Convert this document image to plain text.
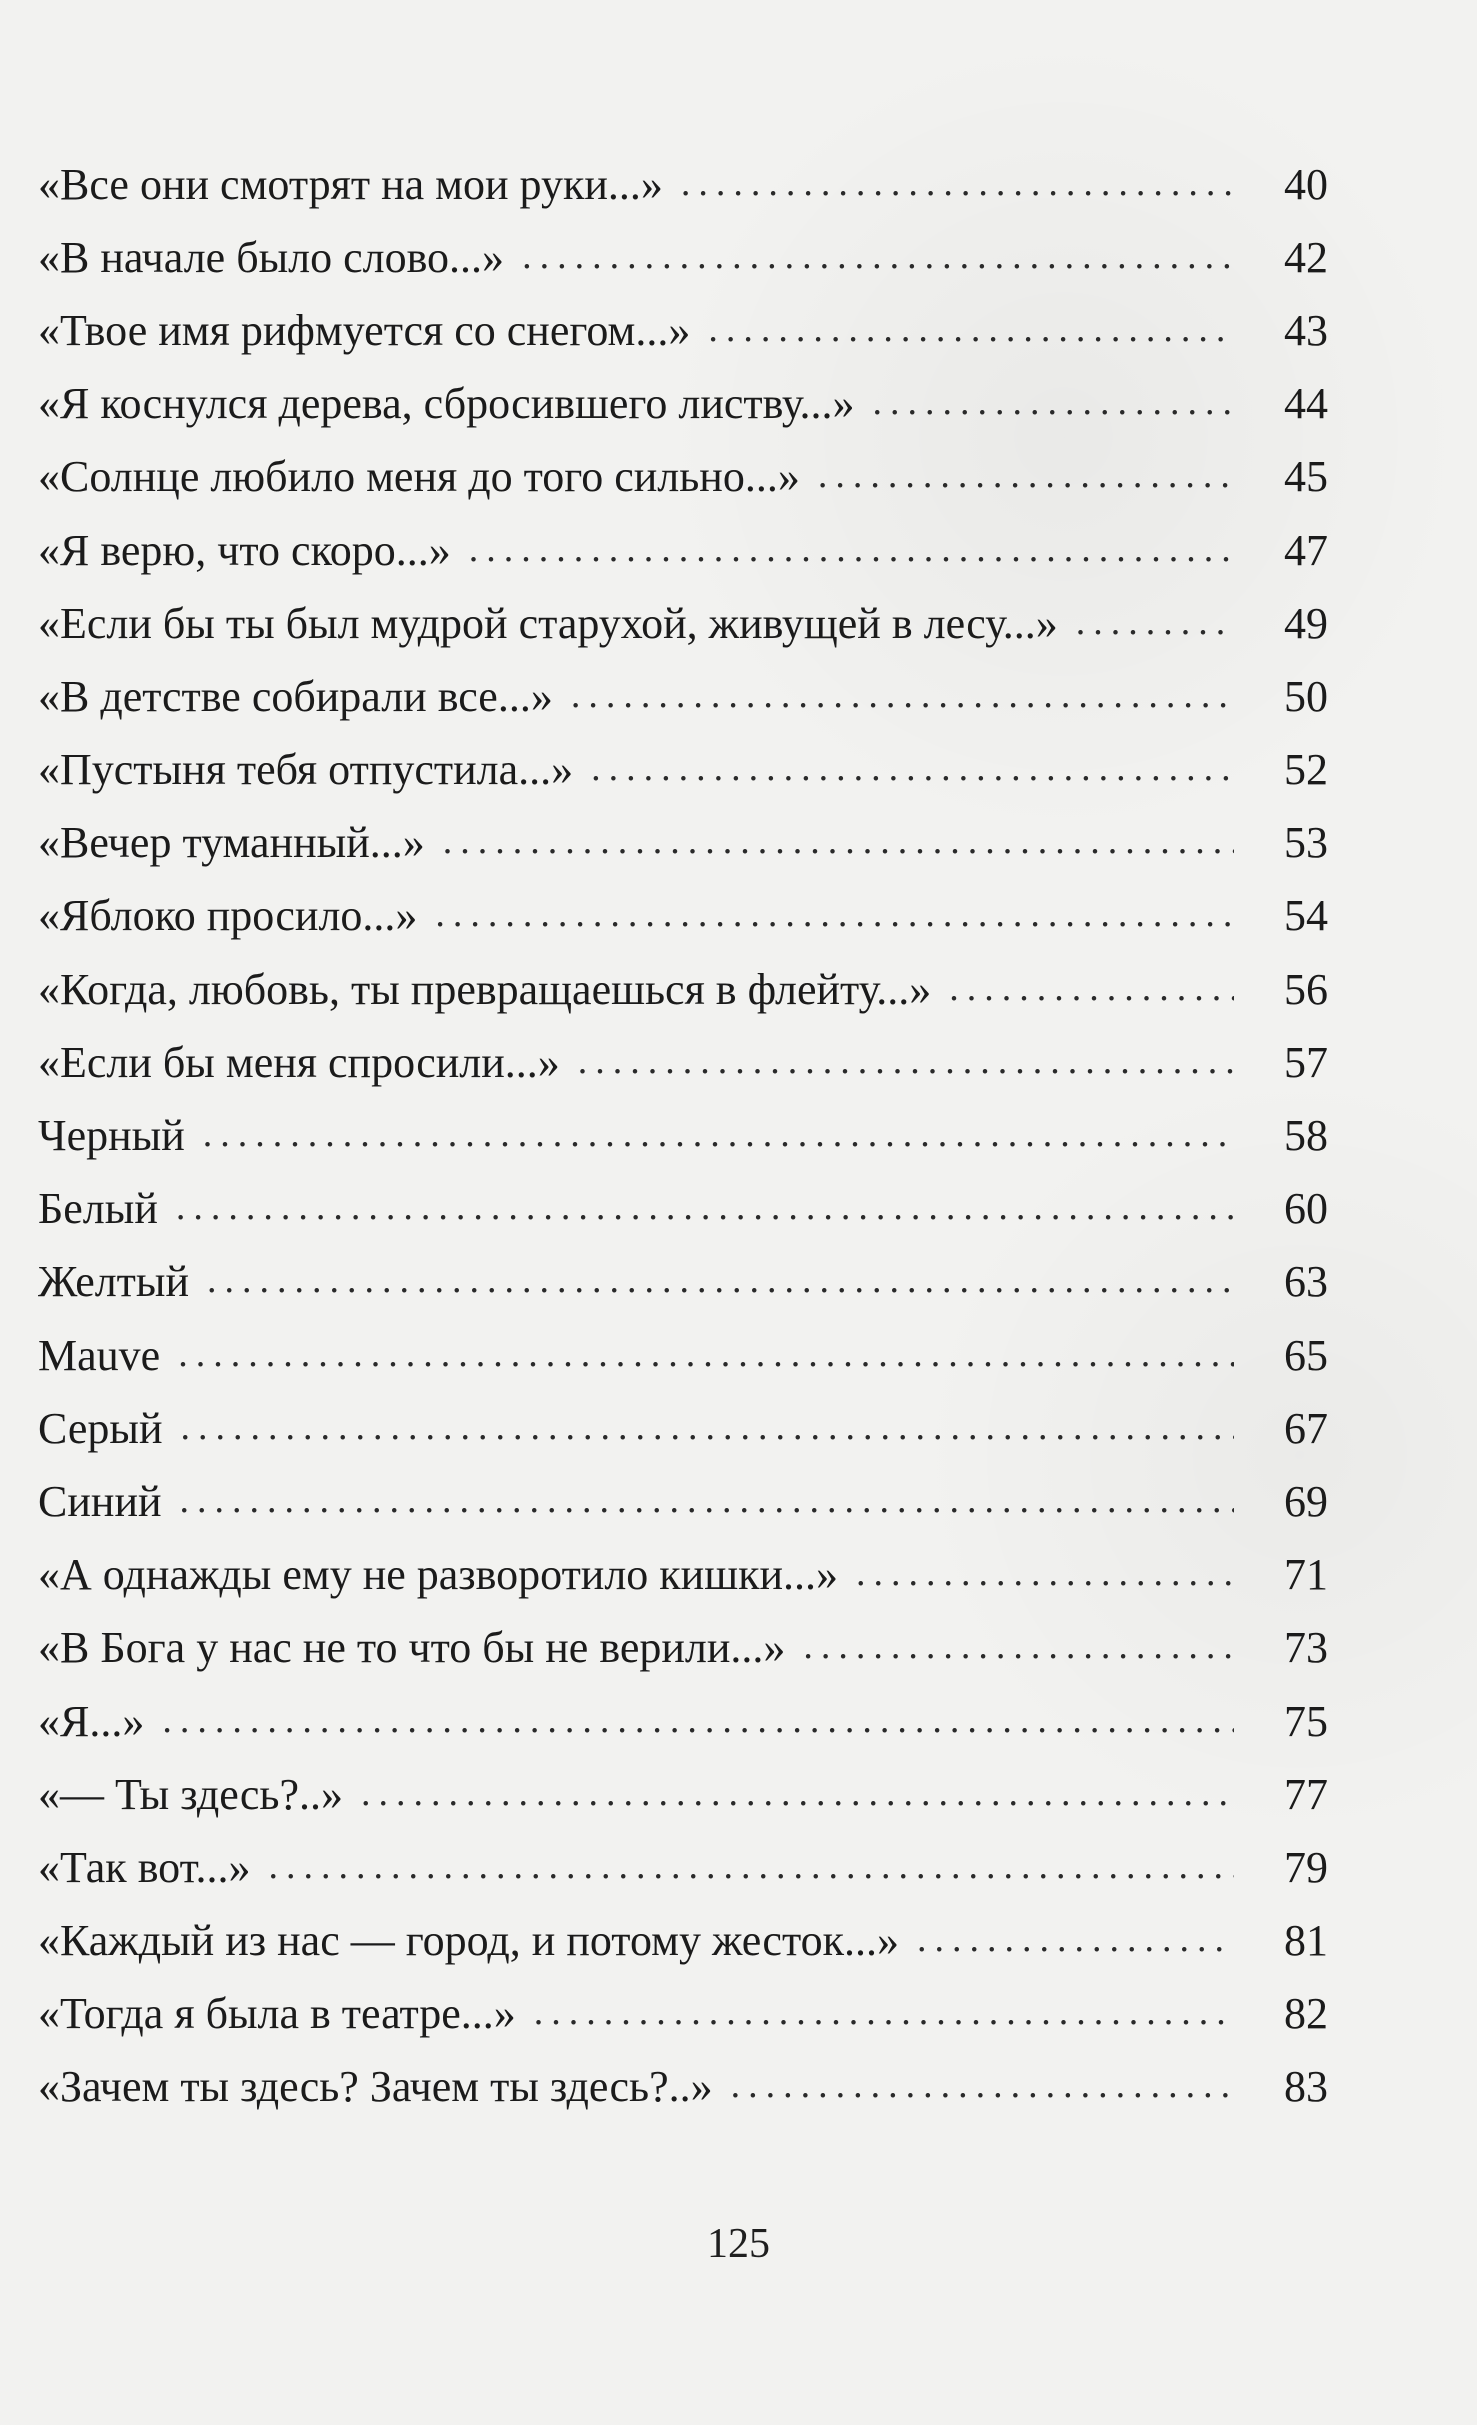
«Все они смотрят на мои руки...» .....	40
«В начале было слово...» .....	42
«Твое имя рифмуется со снегом...» .....	43
«Я коснулся дерева, сбросившего листву...» .....	44
«Солнце любило меня до того сильно...» .....	45
«Я верю, что скоро...» .....	47
«Если бы ты был мудрой старухой, живущей в лесу...» .....	49
«В детстве собирали все...» .....	50
«Пустыня тебя отпустила...» .....	52
«Вечер туманный...» .....	53
«Яблоко просило...» .....	54
«Когда, любовь, ты превращаешься в флейту...» .....	56
«Если бы меня спросили...» .....	57
Черный .....	58
Белый .....	60
Желтый .....	63
Mauve .....	65
Серый .....	67
Синий .....	69
«А однажды ему не разворотило кишки...» .....	71
«В Бога у нас не то что бы не верили...» .....	73
«Я...» .....	75
«— Ты здесь?..» .....	77
«Так вот...» .....	79
«Каждый из нас — город, и потому жесток...» .....	81
«Тогда я была в театре...» .....	82
«Зачем ты здесь? Зачем ты здесь?..» .....	83
125
